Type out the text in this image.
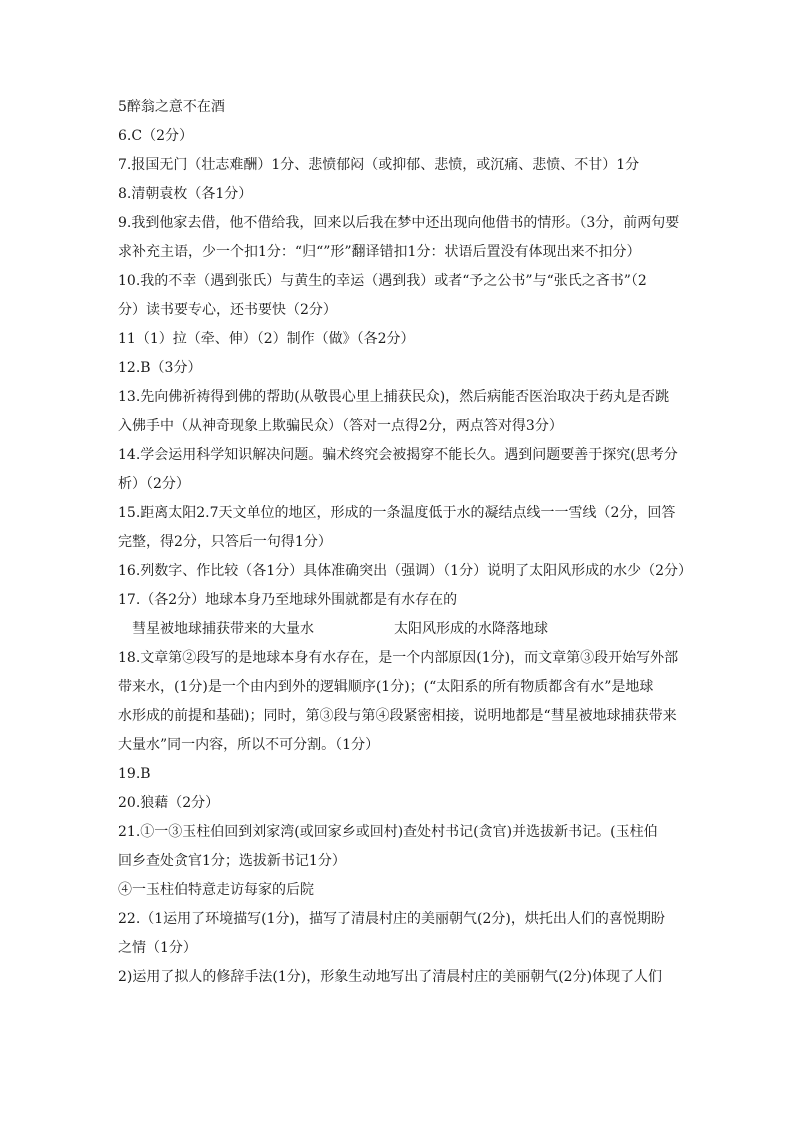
5醉翁之意不在酒

6.C（2分）

7.报国无门（壮志难酬）1分、悲愤郁闷（或抑郁、悲愤，或沉痛、悲愤、不甘）1分

8.清朝袁枚（各1分）

9.我到他家去借，他不借给我，回来以后我在梦中还出现向他借书的情形。（3分，前两句要

求补充主语，少一个扣1分：“归“”形”翻译错扣1分：状语后置没有体现出来不扣分）

10.我的不幸（遇到张氏）与黄生的幸运（遇到我）或者“予之公书”与“张氏之吝书”（2

分）读书要专心，还书要快（2分）

11（1）拉（牵、伸）（2）制作（做》（各2分）

12.B（3分）

13.先向佛祈祷得到佛的帮助(从敬畏心里上捕获民众)，然后病能否医治取决于药丸是否跳

入佛手中（从神奇现象上欺骗民众）（答对一点得2分，两点答对得3分）

14.学会运用科学知识解决问题。骗术终究会被揭穿不能长久。遇到问题要善于探究(思考分

析）（2分）

15.距离太阳2.7天文单位的地区，形成的一条温度低于水的凝结点线一一雪线（2分，回答

完整，得2分，只答后一句得1分）

16.列数字、作比较（各1分）具体准确突出（强调）（1分）说明了太阳风形成的水少（2分）

17.（各2分）地球本身乃至地球外围就都是有水存在的

彗星被地球捕获带来的大量水	太阳风形成的水降落地球

18.文章第②段写的是地球本身有水存在，是一个内部原因(1分)，而文章第③段开始写外部

带来水，(1分)是一个由内到外的逻辑顺序(1分)；(“太阳系的所有物质都含有水”是地球

水形成的前提和基础)；同时，第③段与第④段紧密相接，说明地都是“彗星被地球捕获带来

大量水”同一内容，所以不可分割。（1分）

19.B

20.狼藉（2分）

21.①一③玉柱伯回到刘家湾(或回家乡或回村)查处村书记(贪官)并选拔新书记。(玉柱伯

回乡查处贪官1分；选拔新书记1分）

④一玉柱伯特意走访每家的后院

22.（1运用了环境描写(1分)，描写了清晨村庄的美丽朝气(2分)，烘托出人们的喜悦期盼

之情（1分）

2)运用了拟人的修辞手法(1分)，形象生动地写出了清晨村庄的美丽朝气(2分)体现了人们
